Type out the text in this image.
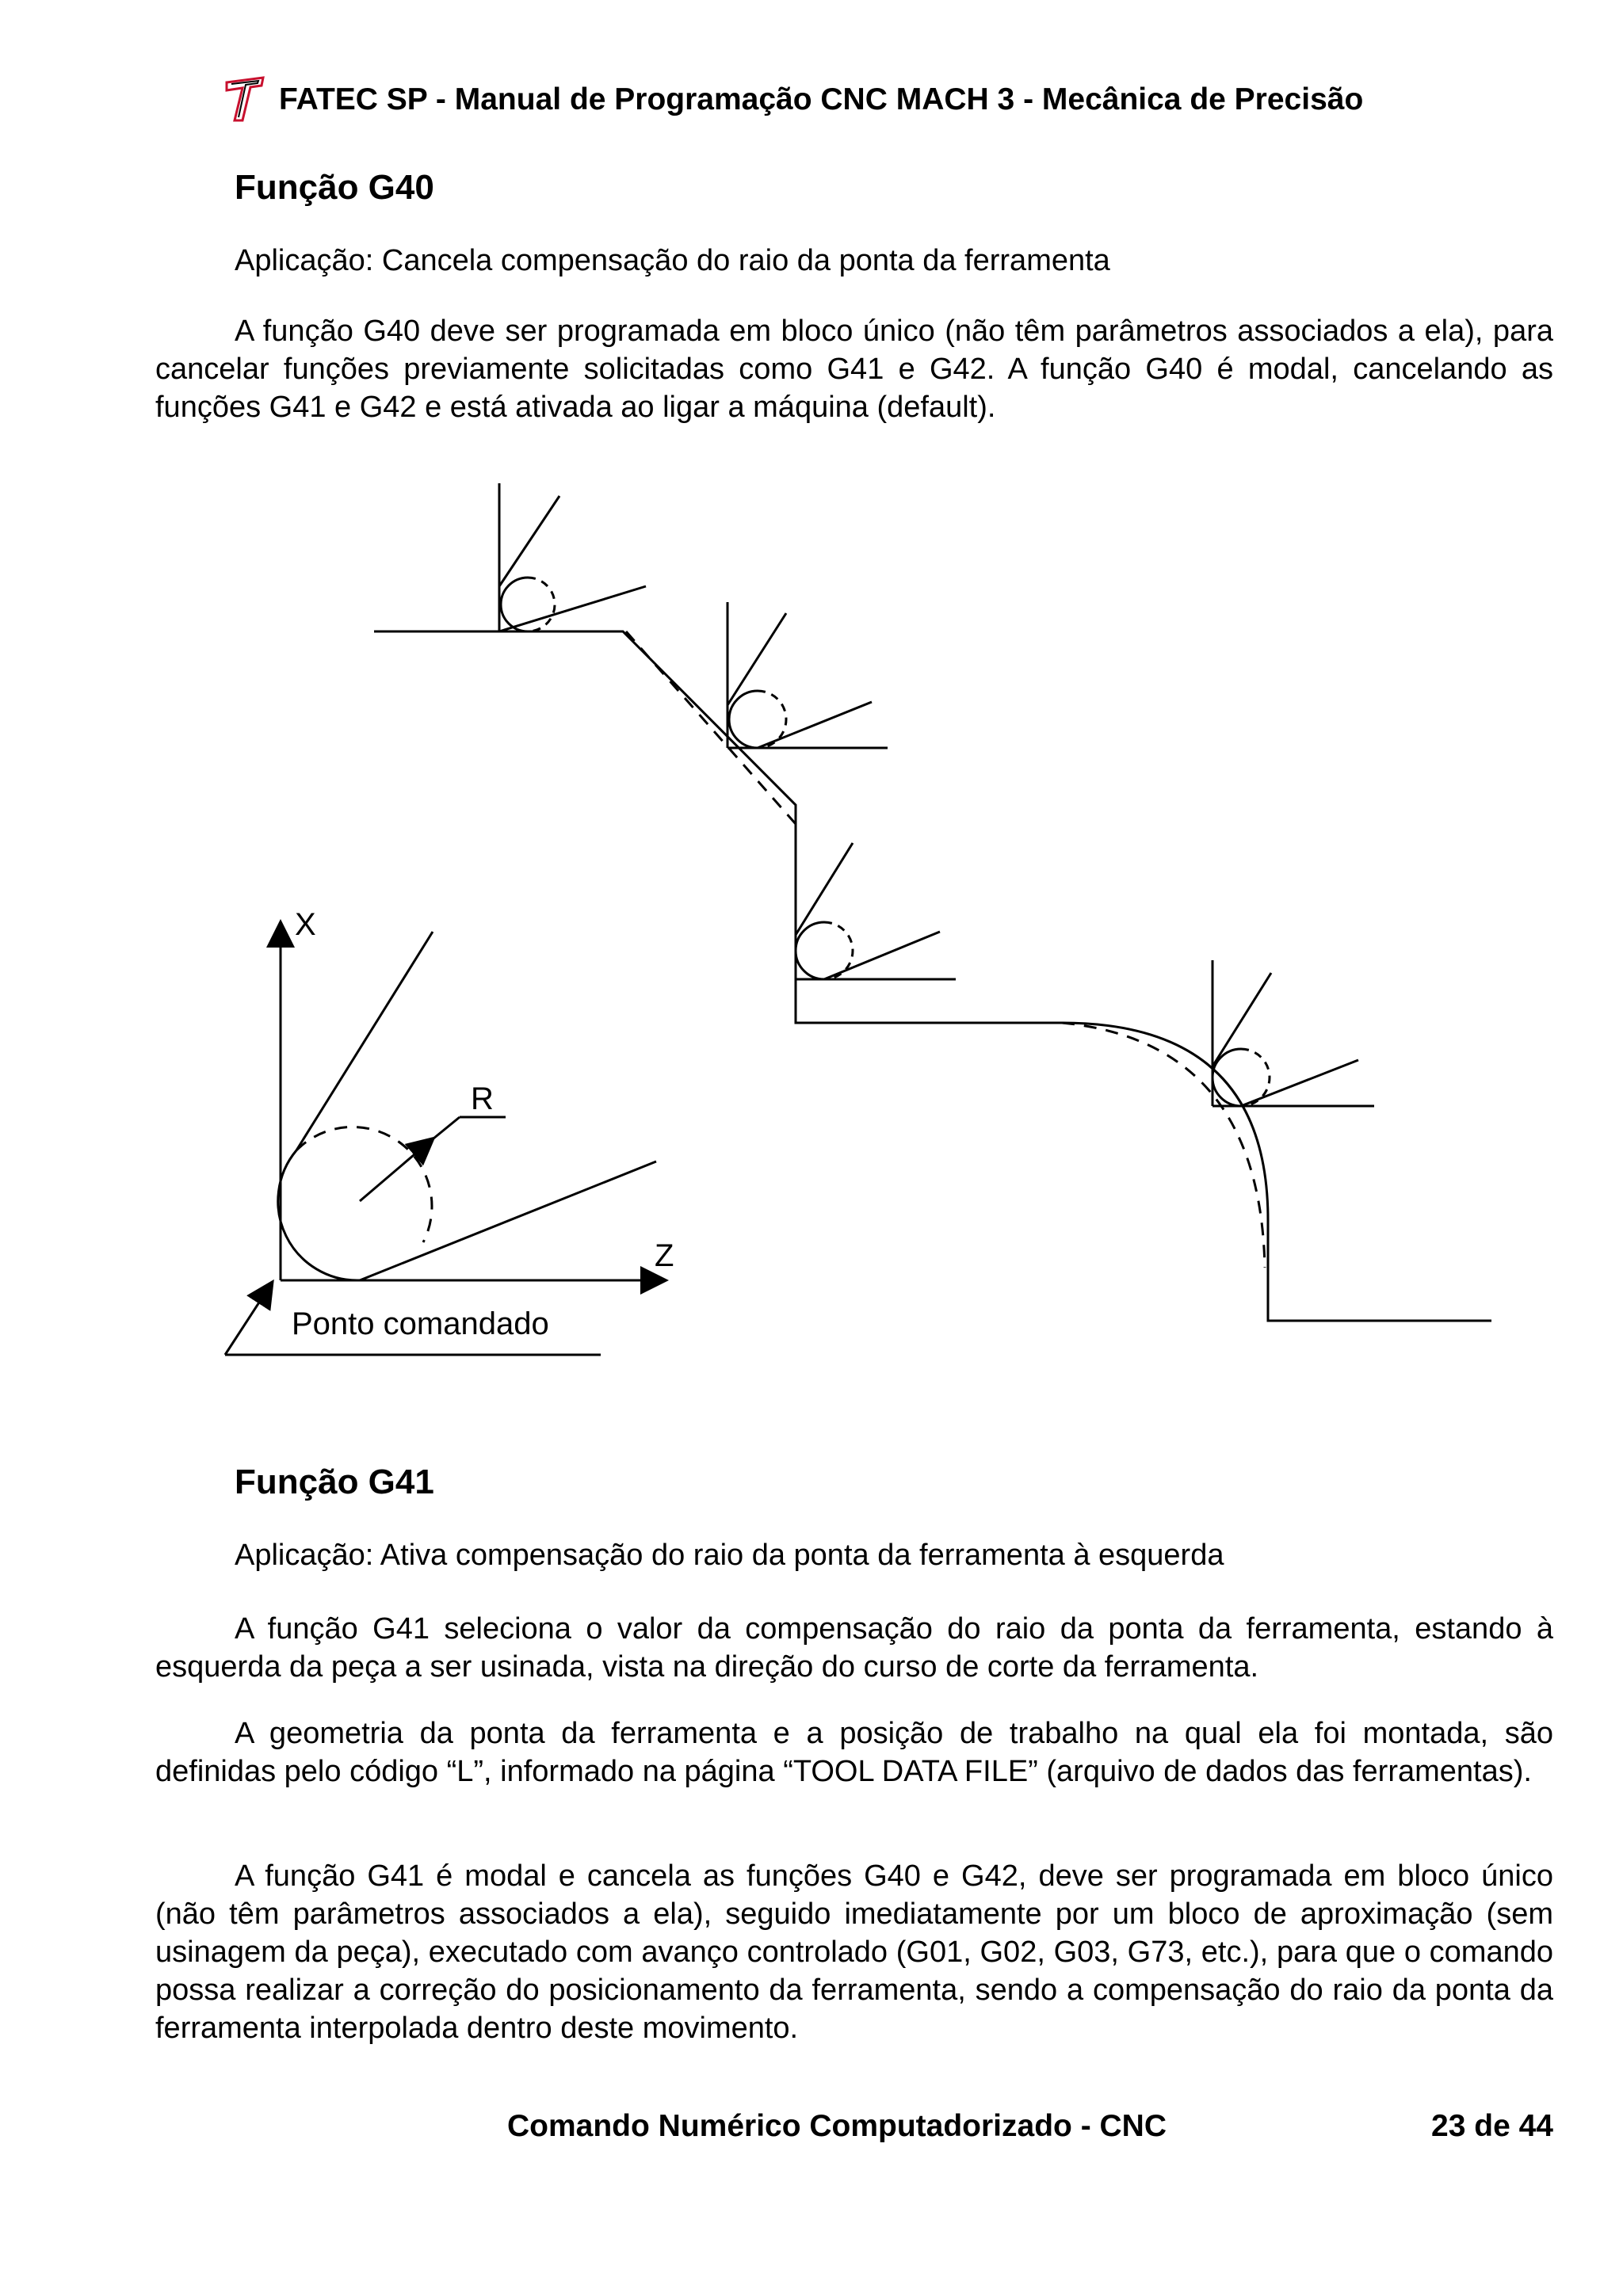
FATEC SP - Manual de Programação CNC MACH 3 - Mecânica de Precisão
Função G40
Aplicação: Cancela compensação do raio da ponta da ferramenta
A função G40 deve ser programada em bloco único (não têm parâmetros associados a ela), para cancelar funções previamente solicitadas como G41 e G42. A função G40 é modal, cancelando as funções G41 e G42 e está ativada ao ligar a máquina (default).
X
Z
R
Ponto comandado
Função G41
Aplicação: Ativa compensação do raio da ponta da ferramenta à esquerda
A função G41 seleciona o valor da compensação do raio da ponta da ferramenta, estando à esquerda da peça a ser usinada, vista na direção do curso de corte da ferramenta.
A geometria da ponta da ferramenta e a posição de trabalho na qual ela foi montada, são definidas pelo código “L”, informado na página “TOOL DATA FILE” (arquivo de dados das ferramentas).
A função G41 é modal e cancela as funções G40 e G42, deve ser programada em bloco único (não têm parâmetros associados a ela), seguido imediatamente por um bloco de aproximação (sem usinagem da peça), executado com avanço controlado (G01, G02, G03, G73, etc.), para que o comando possa realizar a correção do posicionamento da ferramenta, sendo a compensação do raio da ponta da ferramenta interpolada dentro deste movimento.
Comando Numérico Computadorizado - CNC	23 de 44
